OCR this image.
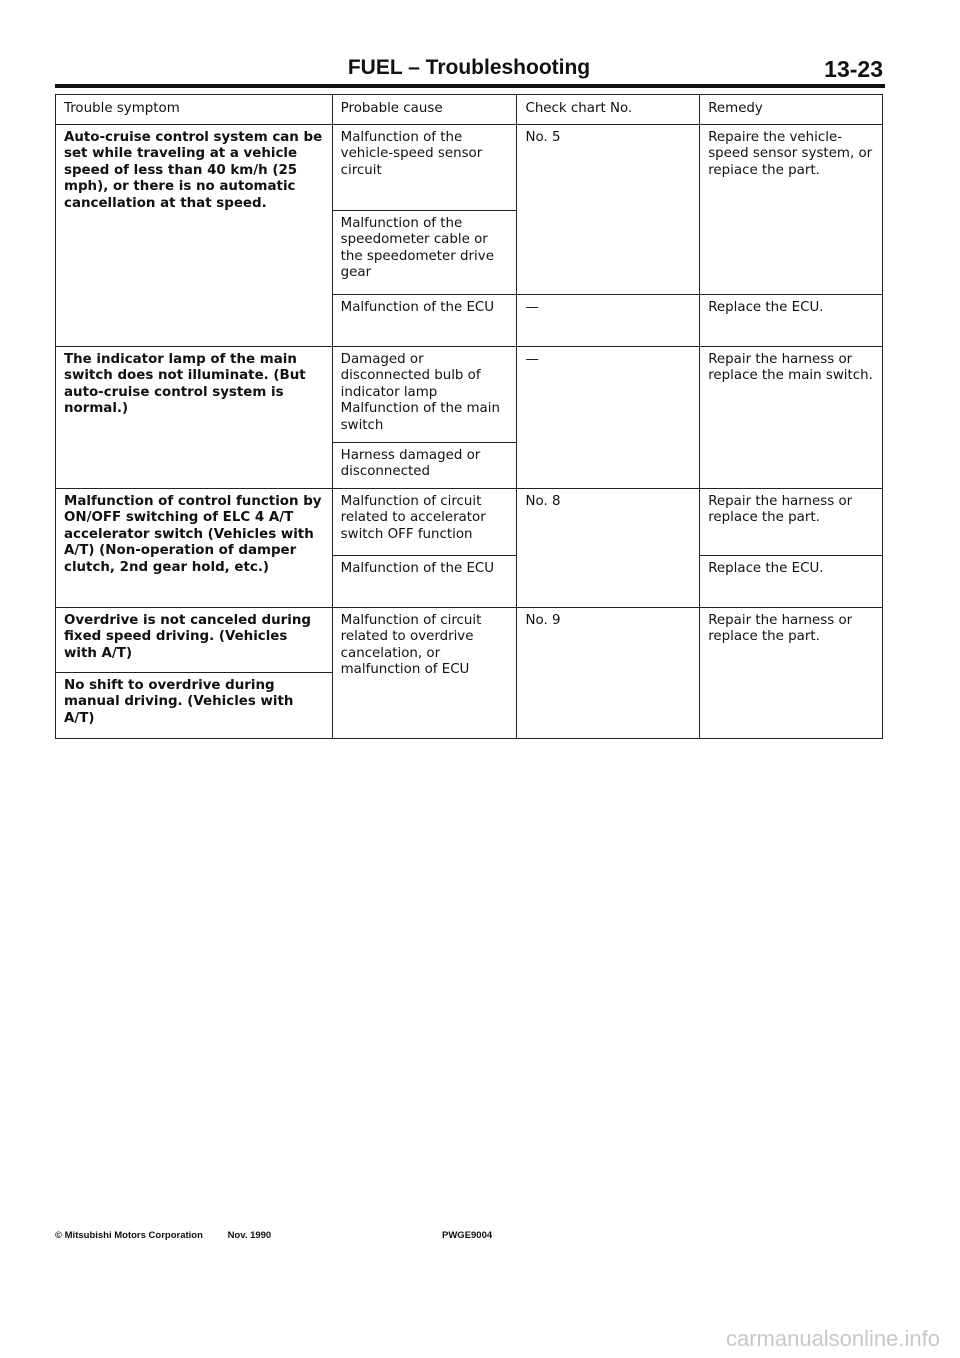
FUEL – Troubleshooting	13-23
Trouble symptom	Probable cause	Check chart No.	Remedy
Auto-cruise control system can be set while traveling at a vehicle speed of less than 40 km/h (25 mph), or there is no automatic cancellation at that speed.	Malfunction of the vehicle-speed sensor circuit	No. 5	Repaire the vehicle-speed sensor system, or repiace the part.
	Malfunction of the speedometer cable or the speedometer drive gear		
	Malfunction of the ECU	—	Replace the ECU.
The indicator lamp of the main switch does not illuminate. (But auto-cruise control system is normal.)	Damaged or disconnected bulb of indicator lamp Malfunction of the main switch	—	Repair the harness or replace the main switch.
	Harness damaged or disconnected		
Malfunction of control function by ON/OFF switching of ELC 4 A/T accelerator switch (Vehicles with A/T) (Non-operation of damper clutch, 2nd gear hold, etc.)	Malfunction of circuit related to accelerator switch OFF function	No. 8	Repair the harness or replace the part.
	Malfunction of the ECU		Replace the ECU.
Overdrive is not canceled during fixed speed driving. (Vehicles with A/T)	Malfunction of circuit related to overdrive cancelation, or malfunction of ECU	No. 9	Repair the harness or replace the part.
No shift to overdrive during manual driving. (Vehicles with A/T)			
© Mitsubishi Motors Corporation	Nov. 1990	PWGE9004
carmanualsonline.info
